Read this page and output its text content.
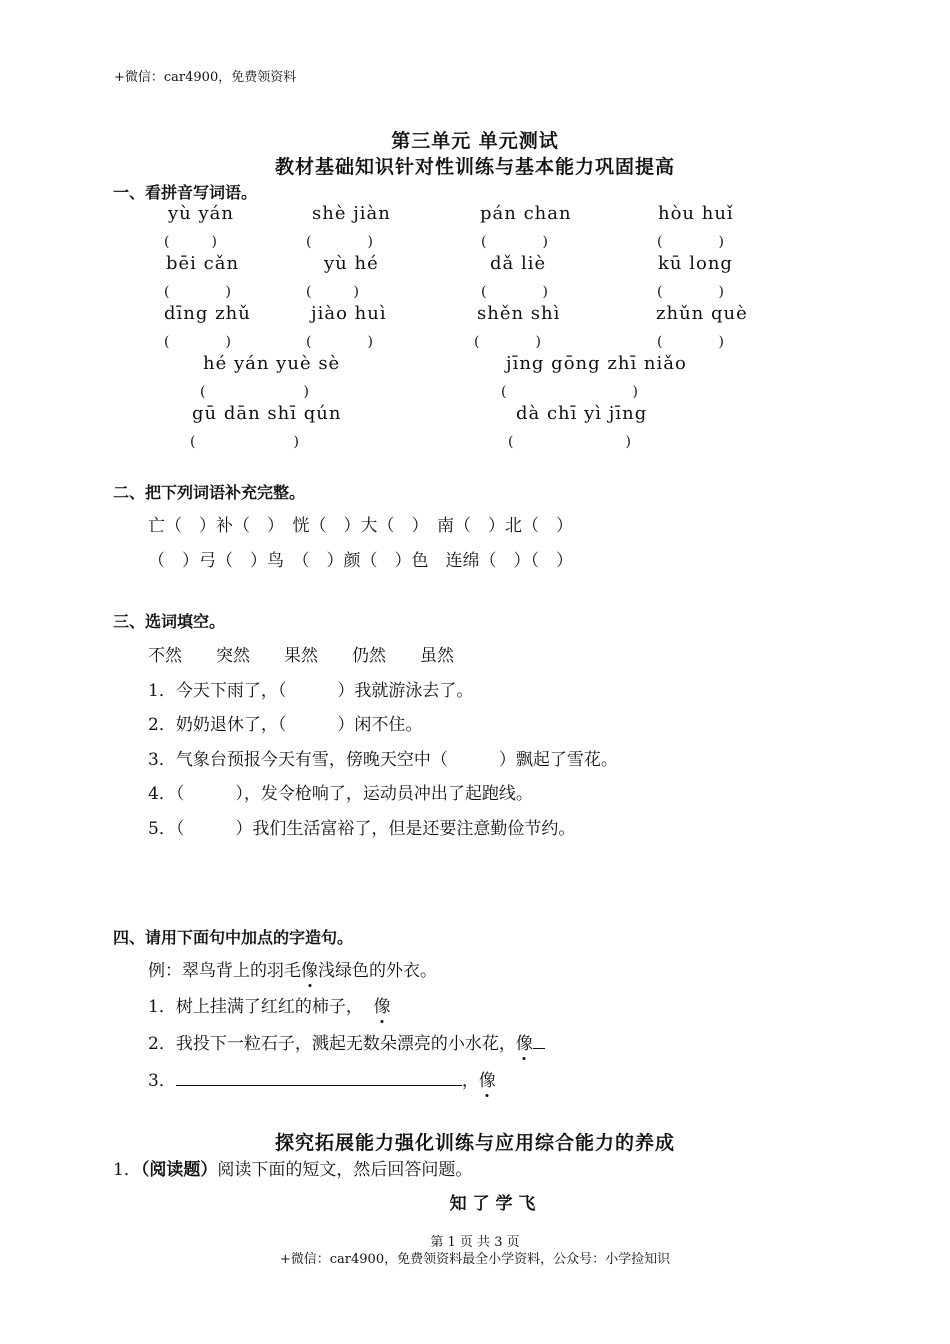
+微信：car4900，免费领资料
第三单元 单元测试
教材基础知识针对性训练与基本能力巩固提高
一、看拼音写词语。
yù yán
(　　　)
shè jiàn
(　　　　)
pán chan
(　　　　)
hòu huǐ
(　　　　)
bēi cǎn
(　　　　)
yù hé
(　　　)
dǎ liè
(　　　　)
kū long
(　　　　)
dīng zhǔ
(　　　　)
jiào huì
(　　　　)
shěn shì
(　　　　)
zhǔn què
(　　　　)
hé yán yuè sè
(　　　　　　　)
jīng gōng zhī niǎo
(　　　　　　　　　)
gū dān shī qún
(　　　　　　　)
dà chī yì jīng
(　　　　　　　　)
二、把下列词语补充完整。
亡（　）补（　）　恍（　）大（　）　南（　）北（　）
（　）弓（　）鸟　（　）颜（　）色　连绵（　）（　）
三、选词填空。
不然　　突然　　果然　　仍然　　虽然
1．今天下雨了，（　　　）我就游泳去了。
2．奶奶退休了，（　　　）闲不住。
3．气象台预报今天有雪，傍晚天空中（　　　）飘起了雪花。
4．（　　　），发令枪响了，运动员冲出了起跑线。
5．（　　　）我们生活富裕了，但是还要注意勤俭节约。
四、请用下面句中加点的字造句。
例：翠鸟背上的羽毛像浅绿色的外衣。
1．树上挂满了红红的柿子， 像
2．我投下一粒石子，溅起无数朵漂亮的小水花，像
3．	，像
探究拓展能力强化训练与应用综合能力的养成
1．（阅读题）阅读下面的短文，然后回答问题。
知 了 学 飞
第 1 页 共 3 页
+微信：car4900，免费领资料最全小学资料，公众号：小学捡知识
